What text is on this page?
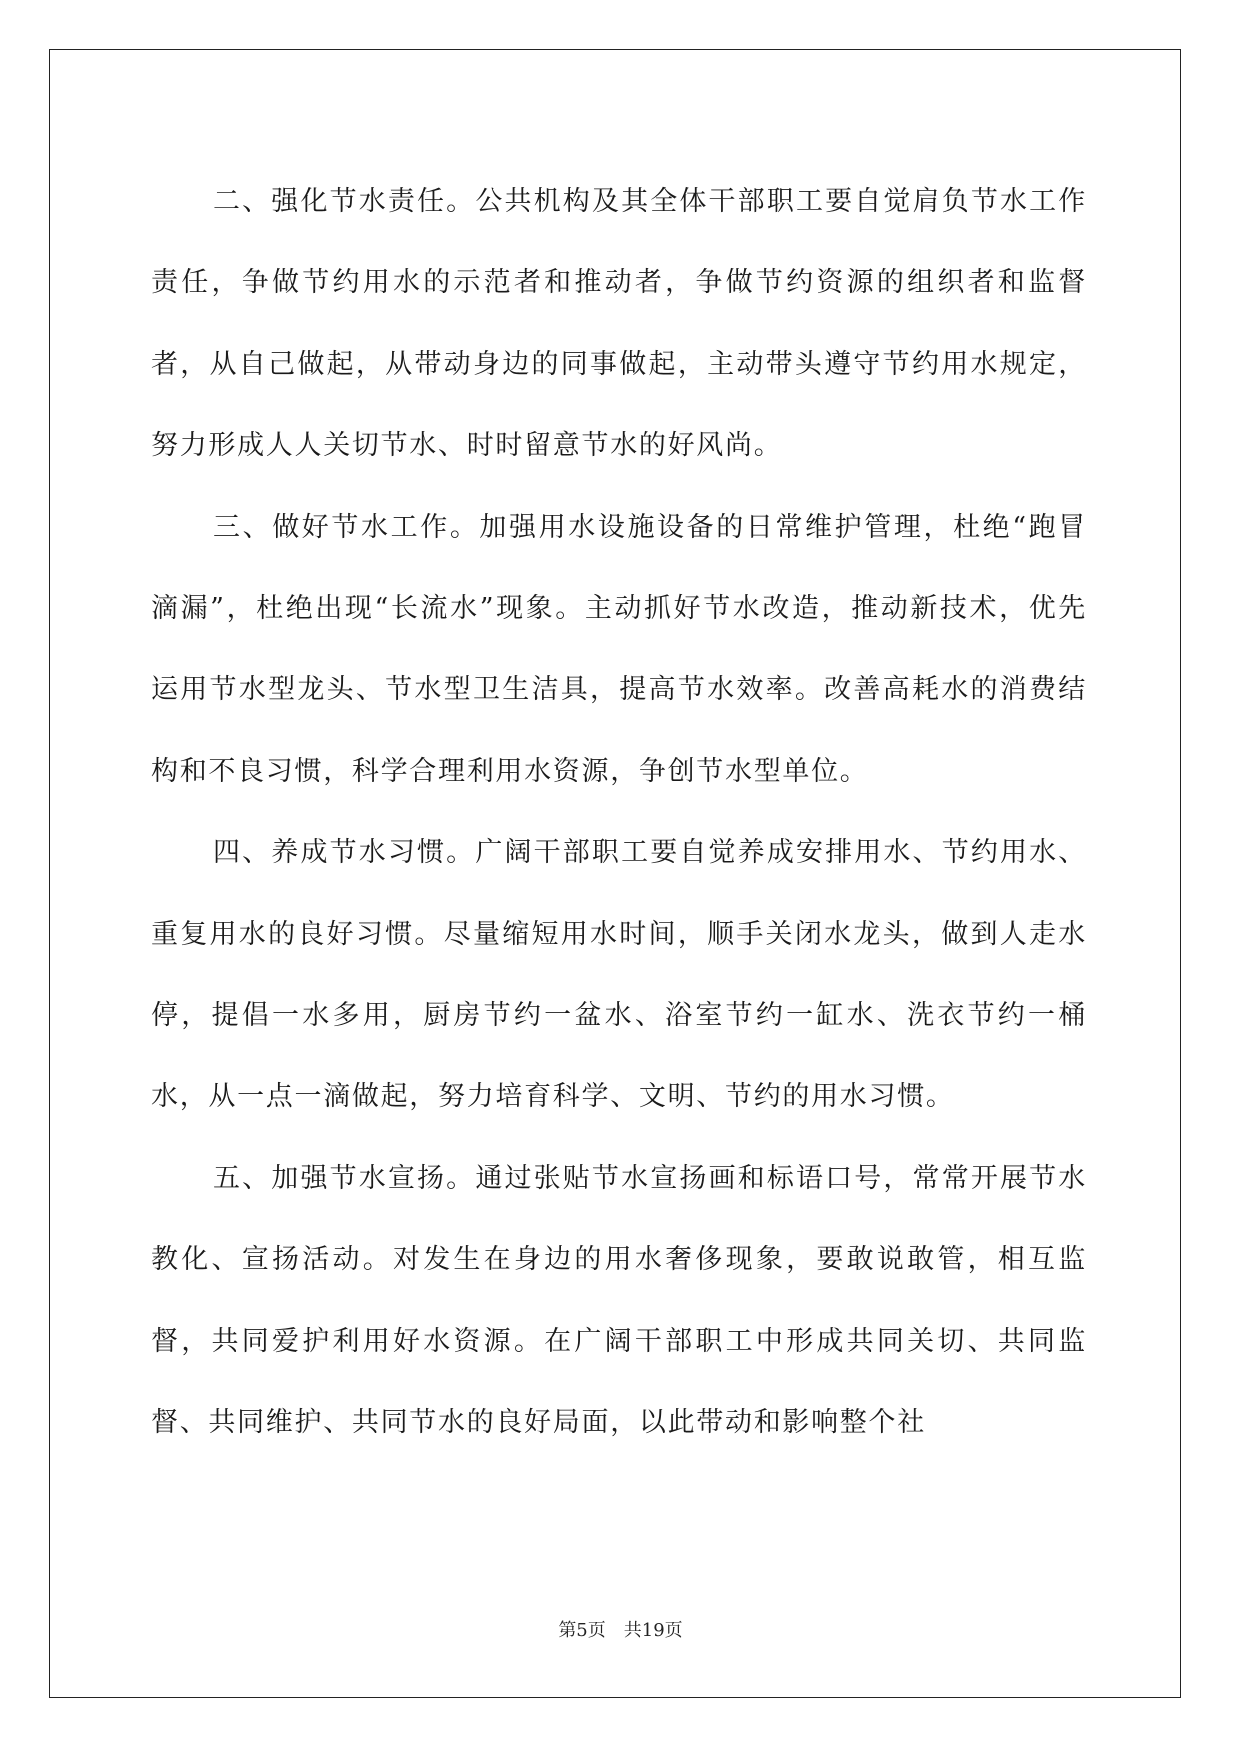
二、强化节水责任。公共机构及其全体干部职工要自觉肩负节水工作责任，争做节约用水的示范者和推动者，争做节约资源的组织者和监督者，从自己做起，从带动身边的同事做起，主动带头遵守节约用水规定，努力形成人人关切节水、时时留意节水的好风尚。

三、做好节水工作。加强用水设施设备的日常维护管理，杜绝“跑冒滴漏”，杜绝出现“长流水”现象。主动抓好节水改造，推动新技术，优先运用节水型龙头、节水型卫生洁具，提高节水效率。改善高耗水的消费结构和不良习惯，科学合理利用水资源，争创节水型单位。

四、养成节水习惯。广阔干部职工要自觉养成安排用水、节约用水、重复用水的良好习惯。尽量缩短用水时间，顺手关闭水龙头，做到人走水停，提倡一水多用，厨房节约一盆水、浴室节约一缸水、洗衣节约一桶水，从一点一滴做起，努力培育科学、文明、节约的用水习惯。

五、加强节水宣扬。通过张贴节水宣扬画和标语口号，常常开展节水教化、宣扬活动。对发生在身边的用水奢侈现象，要敢说敢管，相互监督，共同爱护利用好水资源。在广阔干部职工中形成共同关切、共同监督、共同维护、共同节水的良好局面，以此带动和影响整个社

第5页 共19页
